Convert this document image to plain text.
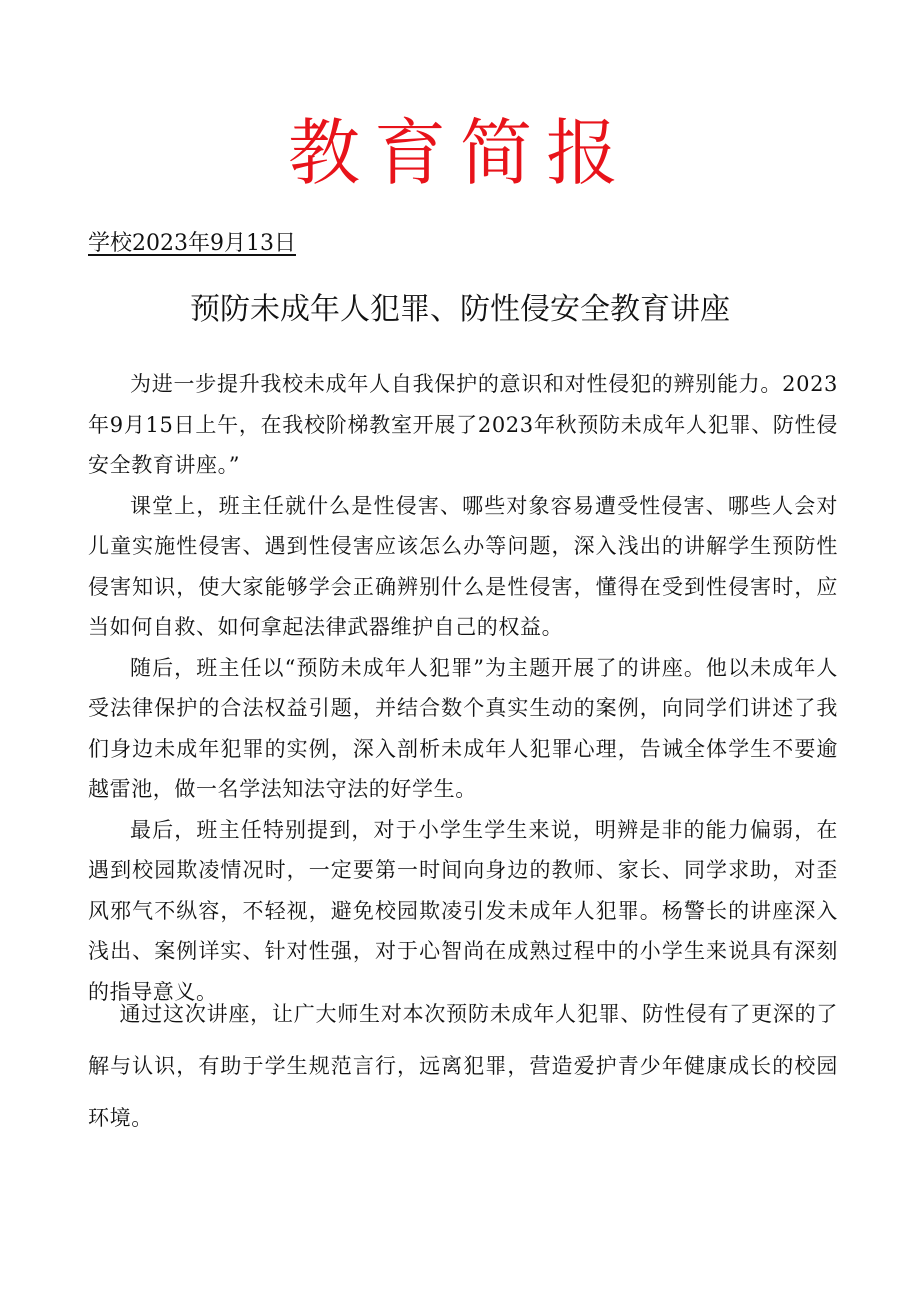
教育简报
学校2023年9月13日
预防未成年人犯罪、防性侵安全教育讲座

为进一步提升我校未成年人自我保护的意识和对性侵犯的辨别能力。2023年9月15日上午，在我校阶梯教室开展了2023年秋预防未成年人犯罪、防性侵安全教育讲座。”

课堂上，班主任就什么是性侵害、哪些对象容易遭受性侵害、哪些人会对儿童实施性侵害、遇到性侵害应该怎么办等问题，深入浅出的讲解学生预防性侵害知识，使大家能够学会正确辨别什么是性侵害，懂得在受到性侵害时，应当如何自救、如何拿起法律武器维护自己的权益。

随后，班主任以“预防未成年人犯罪”为主题开展了的讲座。他以未成年人受法律保护的合法权益引题，并结合数个真实生动的案例，向同学们讲述了我们身边未成年犯罪的实例，深入剖析未成年人犯罪心理，告诫全体学生不要逾越雷池，做一名学法知法守法的好学生。

最后，班主任特别提到，对于小学生学生来说，明辨是非的能力偏弱，在遇到校园欺凌情况时，一定要第一时间向身边的教师、家长、同学求助，对歪风邪气不纵容，不轻视，避免校园欺凌引发未成年人犯罪。杨警长的讲座深入浅出、案例详实、针对性强，对于心智尚在成熟过程中的小学生来说具有深刻的指导意义。

通过这次讲座，让广大师生对本次预防未成年人犯罪、防性侵有了更深的了解与认识，有助于学生规范言行，远离犯罪，营造爱护青少年健康成长的校园环境。
